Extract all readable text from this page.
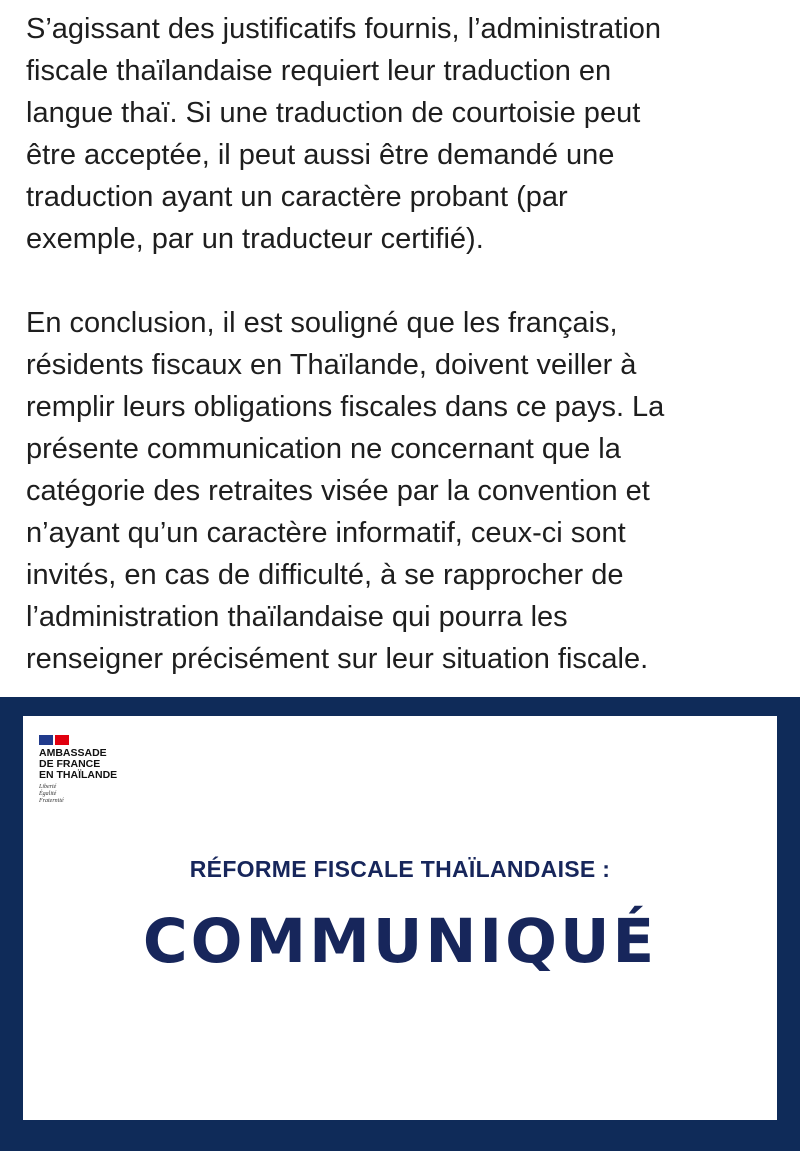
S’agissant des justificatifs fournis, l’administration
fiscale thaïlandaise requiert leur traduction en
langue thaï. Si une traduction de courtoisie peut
être acceptée, il peut aussi être demandé une
traduction ayant un caractère probant (par
exemple, par un traducteur certifié).
En conclusion, il est souligné que les français,
résidents fiscaux en Thaïlande, doivent veiller à
remplir leurs obligations fiscales dans ce pays. La
présente communication ne concernant que la
catégorie des retraites visée par la convention et
n’ayant qu’un caractère informatif, ceux-ci sont
invités, en cas de difficulté, à se rapprocher de
l’administration thaïlandaise qui pourra les
renseigner précisément sur leur situation fiscale.
AMBASSADE
DE FRANCE
EN THAÏLANDE
Liberté
Égalité
Fraternité
RÉFORME FISCALE THAÏLANDAISE :
COMMUNIQUÉ
